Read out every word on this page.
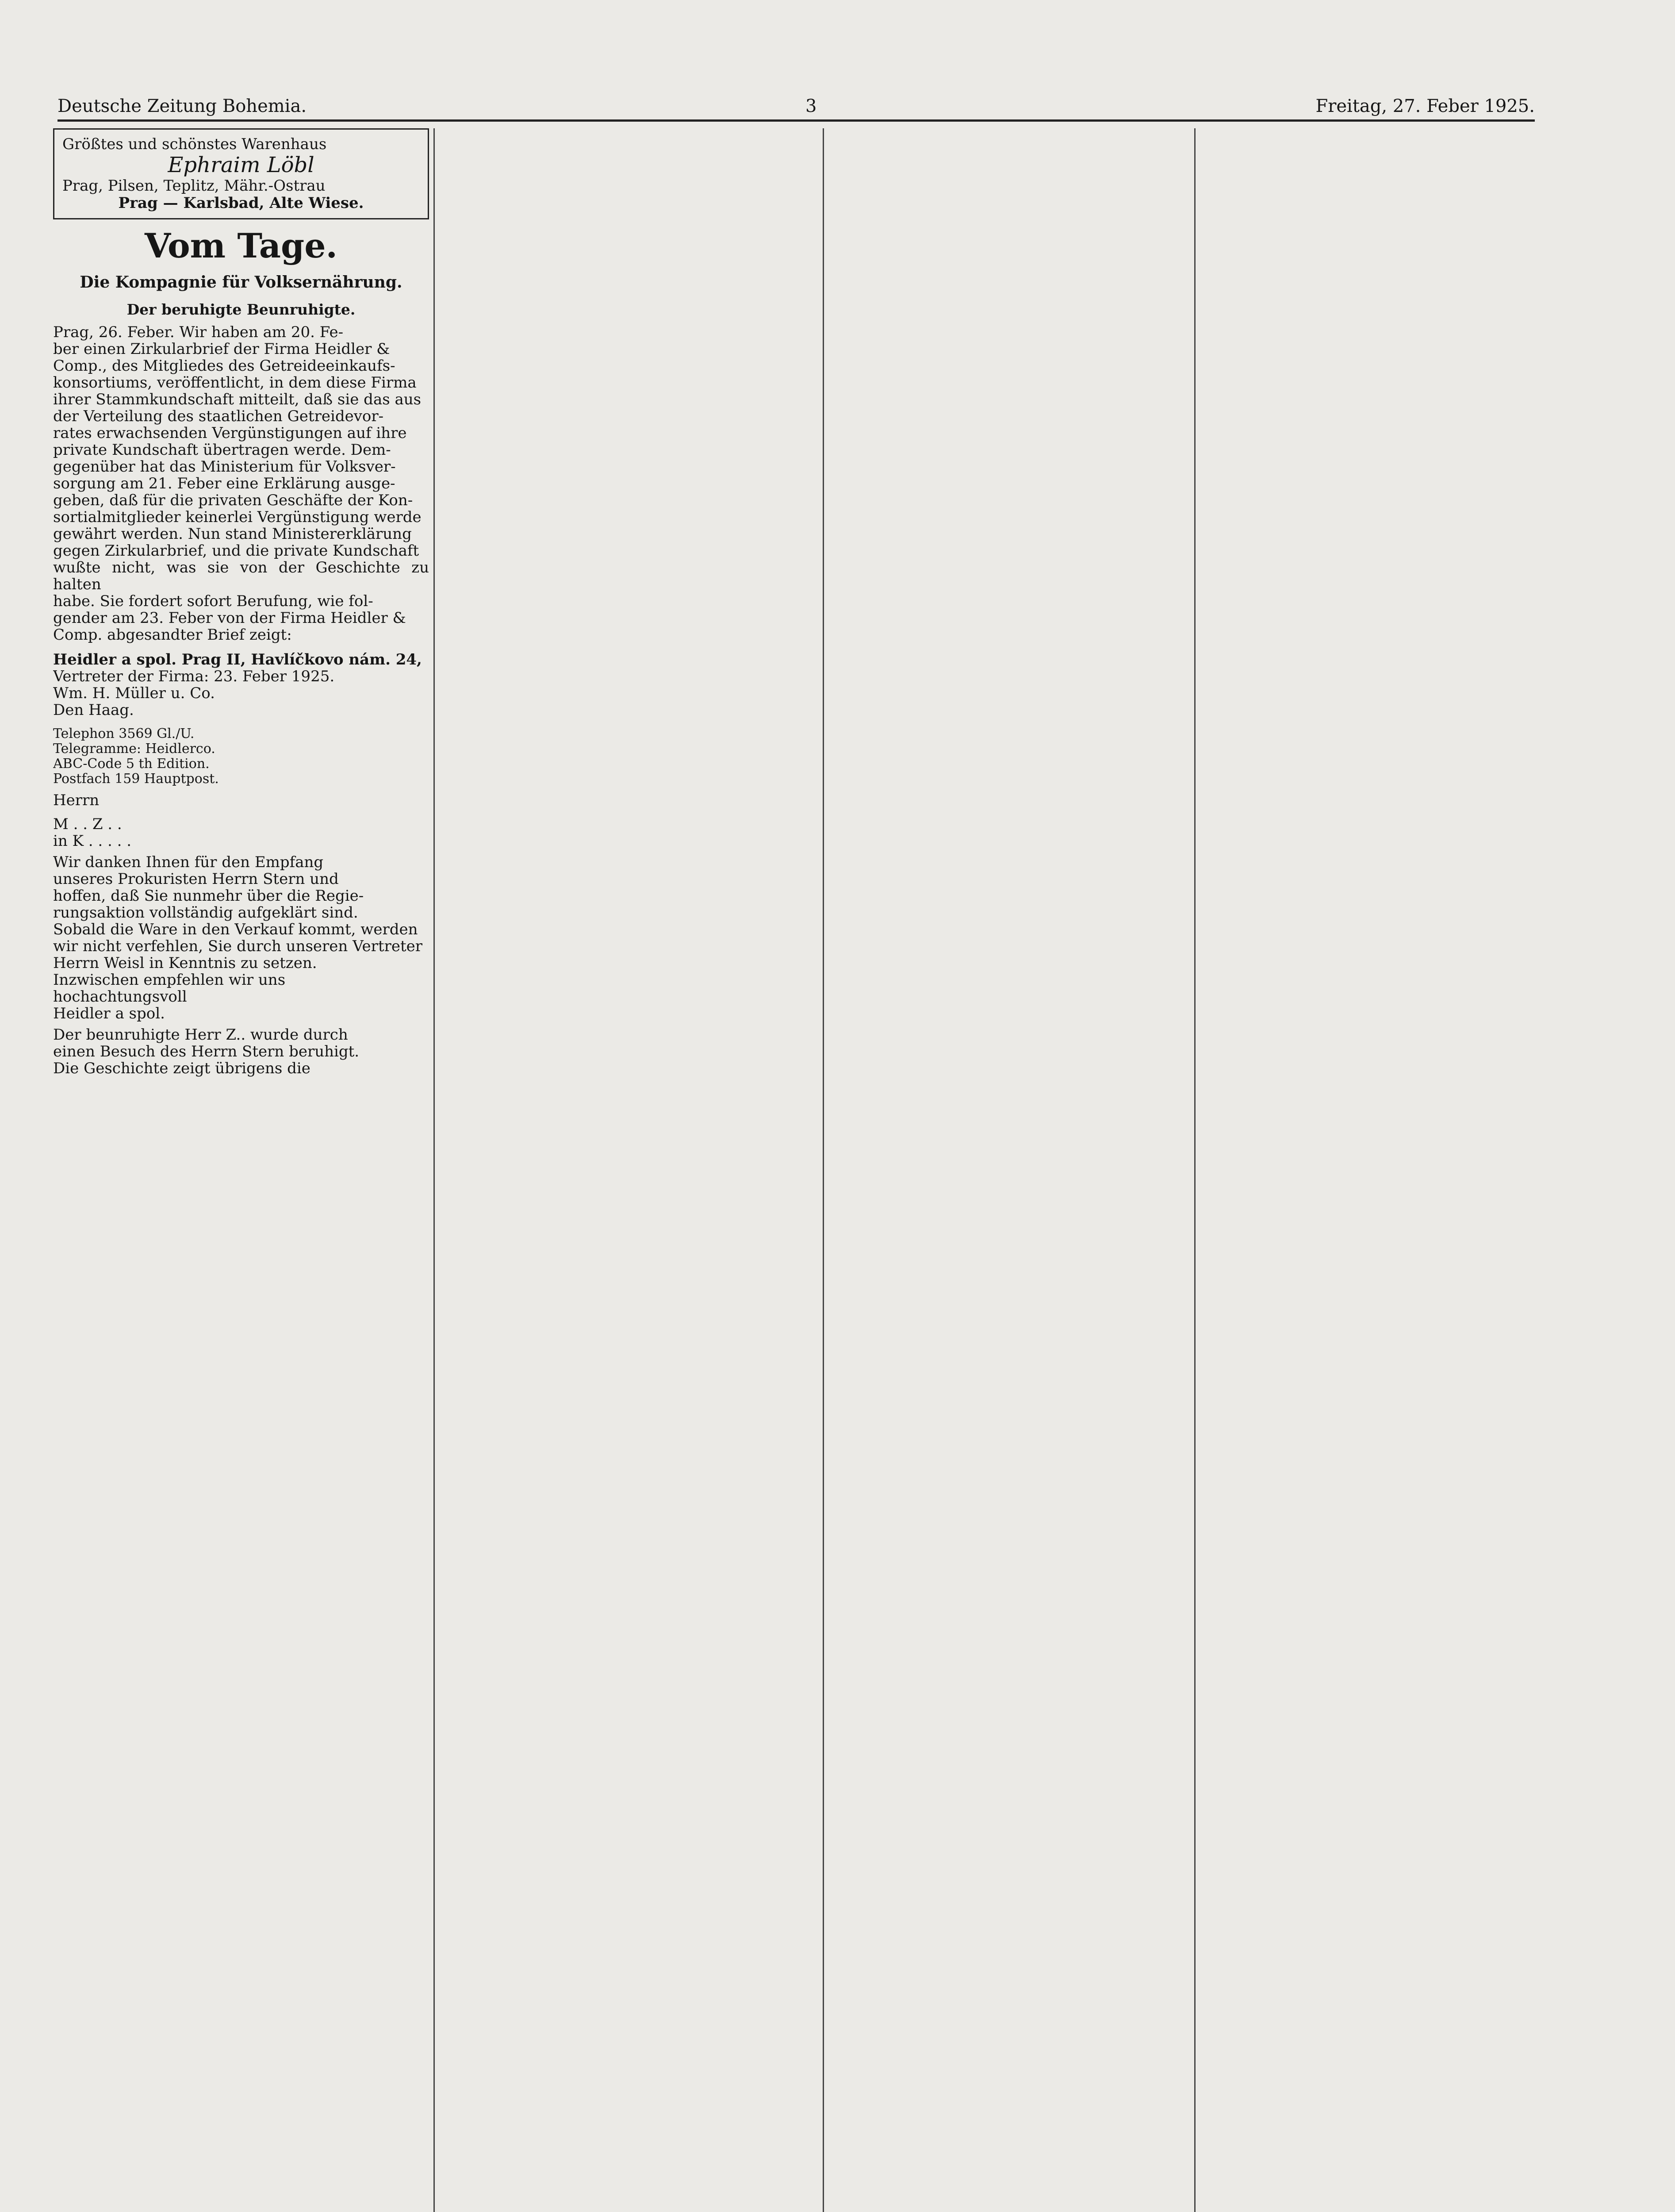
Deutsche Zeitung Bohemia.	3	Freitag, 27. Feber 1925.

Größtes und schönstes Warenhaus

Ephraim Löbl

Prag, Pilsen, Teplitz, Mähr.-Ostrau

Prag — Karlsbad, Alte Wiese.
Vom Tage.
Die Kompagnie für Volksernährung.
Der beruhigte Beunruhigte.

Prag, 26. Feber. Wir haben am 20. Fe-

ber einen Zirkularbrief der Firma Heidler &

Comp., des Mitgliedes des Getreideeinkaufs-

konsortiums, veröffentlicht, in dem diese Firma

ihrer Stammkundschaft mitteilt, daß sie das aus

der Verteilung des staatlichen Getreidevor-

rates erwachsenden Vergünstigungen auf ihre

private Kundschaft übertragen werde. Dem-

gegenüber hat das Ministerium für Volksver-

sorgung am 21. Feber eine Erklärung ausge-

geben, daß für die privaten Geschäfte der Kon-

sortialmitglieder keinerlei Vergünstigung werde

gewährt werden. Nun stand Ministererklärung

gegen Zirkularbrief, und die private Kundschaft

wußte nicht, was sie von der Geschichte zu halten

habe. Sie fordert sofort Berufung, wie fol-

gender am 23. Feber von der Firma Heidler &

Comp. abgesandter Brief zeigt:

Heidler a spol. Prag II, Havlíčkovo nám. 24,

Vertreter der Firma: 23. Feber 1925.

Wm. H. Müller u. Co.

Den Haag.

Telephon 3569 Gl./U.

Telegramme: Heidlerco.

ABC-Code 5 th Edition.

Postfach 159 Hauptpost.

Herrn

M . . Z . .

in K . . . . .

Wir danken Ihnen für den Empfang

unseres Prokuristen Herrn Stern und

hoffen, daß Sie nunmehr über die Regie-

rungsaktion vollständig aufgeklärt sind.

Sobald die Ware in den Verkauf kommt, werden

wir nicht verfehlen, Sie durch unseren Vertreter

Herrn Weisl in Kenntnis zu setzen.

Inzwischen empfehlen wir uns

hochachtungsvoll

Heidler a spol.

Der beunruhigte Herr Z.. wurde durch

einen Besuch des Herrn Stern beruhigt.

Die Geschichte zeigt übrigens die
